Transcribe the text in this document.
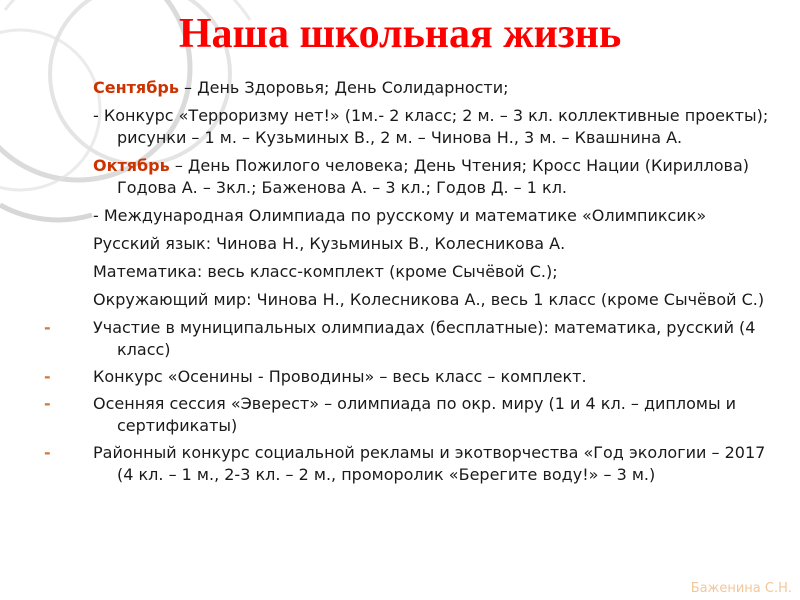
Наша школьная жизнь

Сентябрь – День Здоровья; День Солидарности;

- Конкурс «Терроризму нет!» (1м.- 2 класс; 2 м. – 3 кл. коллективные проекты); рисунки – 1 м. – Кузьминых В., 2 м. – Чинова Н., 3 м. – Квашнина А.

Октябрь – День Пожилого человека; День Чтения; Кросс Нации (Кириллова) Годова А. – 3кл.; Баженова А. – 3 кл.; Годов Д. – 1 кл.

- Международная Олимпиада по русскому и математике «Олимпиксик»

Русский язык: Чинова Н., Кузьминых В., Колесникова А.

Математика: весь класс-комплект (кроме Сычёвой С.);

Окружающий мир: Чинова Н., Колесникова А., весь 1 класс (кроме Сычёвой С.)

-	Участие в муниципальных олимпиадах (бесплатные): математика, русский (4 класс)

-	Конкурс «Осенины - Проводины» – весь класс – комплект.

-	Осенняя сессия «Эверест» – олимпиада по окр. миру (1 и 4 кл. – дипломы и сертификаты)

-	Районный конкурс социальной рекламы и экотворчества «Год экологии – 2017 (4 кл. – 1 м., 2-3 кл. – 2 м., проморолик «Берегите воду!» – 3 м.)

Баженина С.Н.
